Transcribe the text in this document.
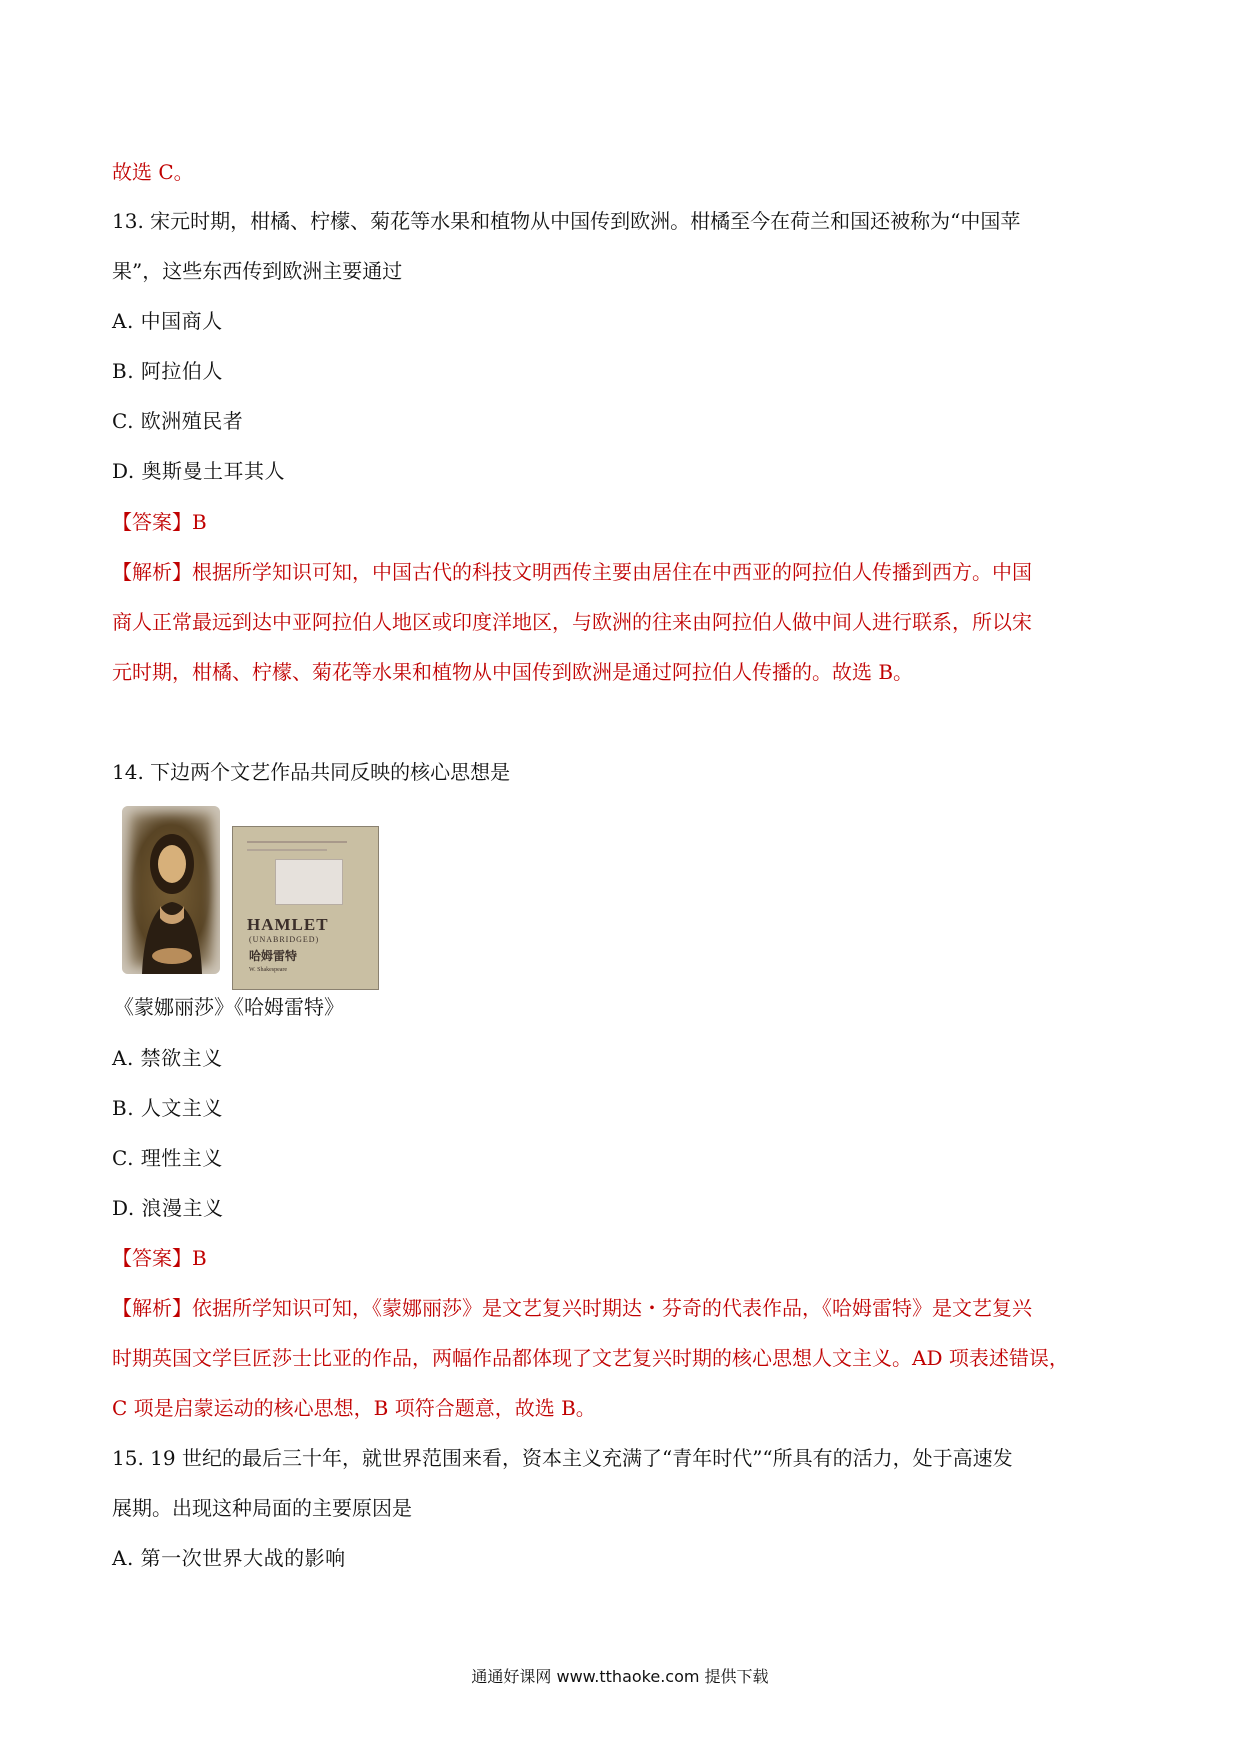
故选 C。
13. 宋元时期，柑橘、柠檬、菊花等水果和植物从中国传到欧洲。柑橘至今在荷兰和国还被称为“中国苹
果”，这些东西传到欧洲主要通过
A. 中国商人
B. 阿拉伯人
C. 欧洲殖民者
D. 奥斯曼土耳其人
【答案】B
【解析】根据所学知识可知，中国古代的科技文明西传主要由居住在中西亚的阿拉伯人传播到西方。中国
商人正常最远到达中亚阿拉伯人地区或印度洋地区，与欧洲的往来由阿拉伯人做中间人进行联系，所以宋
元时期，柑橘、柠檬、菊花等水果和植物从中国传到欧洲是通过阿拉伯人传播的。故选 B。
14. 下边两个文艺作品共同反映的核心思想是
HAMLET
(UNABRIDGED)
哈姆雷特
W. Shakespeare
《蒙娜丽莎》《哈姆雷特》
A. 禁欲主义
B. 人文主义
C. 理性主义
D. 浪漫主义
【答案】B
【解析】依据所学知识可知，《蒙娜丽莎》是文艺复兴时期达・芬奇的代表作品，《哈姆雷特》是文艺复兴
时期英国文学巨匠莎士比亚的作品，两幅作品都体现了文艺复兴时期的核心思想人文主义。AD 项表述错误，
C 项是启蒙运动的核心思想，B 项符合题意，故选 B。
15. 19 世纪的最后三十年，就世界范围来看，资本主义充满了“青年时代”“所具有的活力，处于高速发
展期。出现这种局面的主要原因是
A. 第一次世界大战的影响
通通好课网 www.tthaoke.com 提供下载
